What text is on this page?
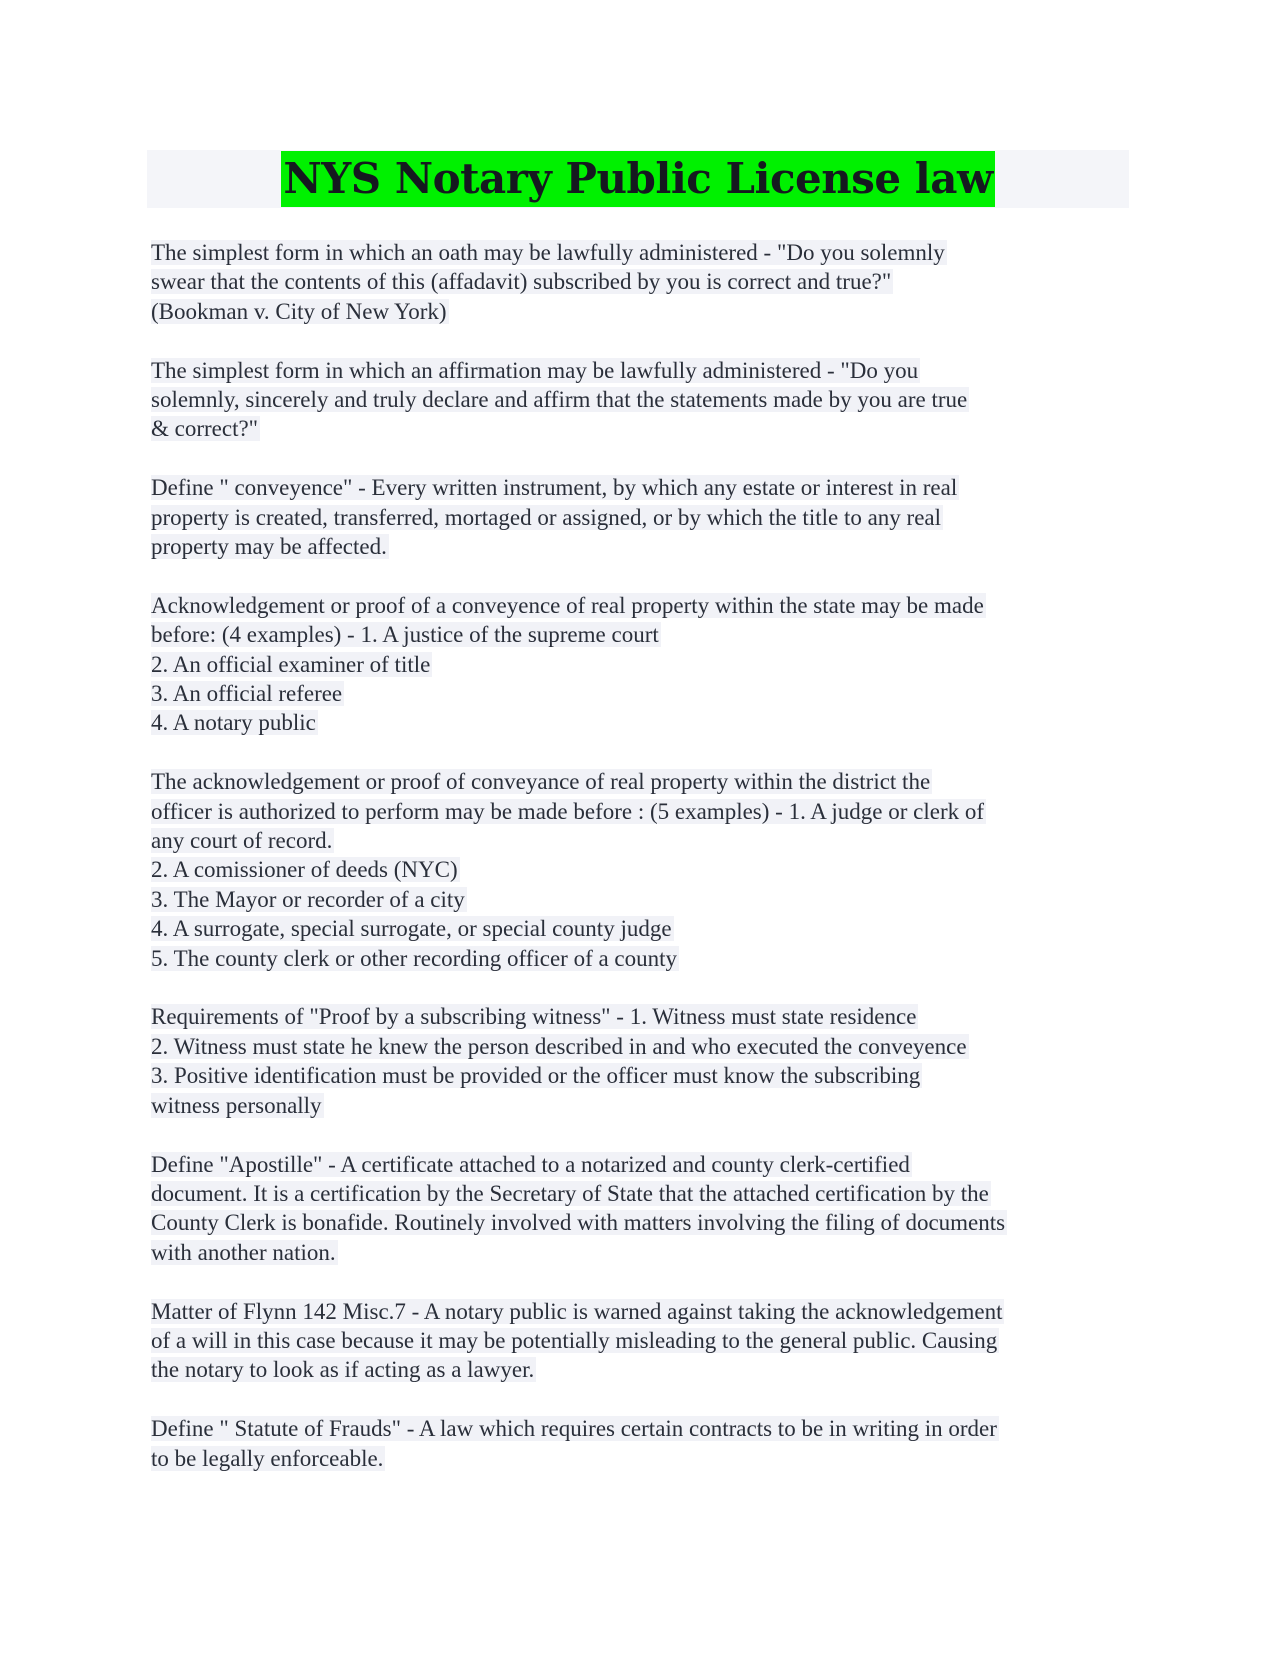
NYS Notary Public License law
The simplest form in which an oath may be lawfully administered - "Do you solemnly
swear that the contents of this (affadavit) subscribed by you is correct and true?"
(Bookman v. City of New York)
The simplest form in which an affirmation may be lawfully administered - "Do you
solemnly, sincerely and truly declare and affirm that the statements made by you are true
& correct?"
Define " conveyence" - Every written instrument, by which any estate or interest in real
property is created, transferred, mortaged or assigned, or by which the title to any real
property may be affected.
Acknowledgement or proof of a conveyence of real property within the state may be made
before: (4 examples) - 1. A justice of the supreme court
2. An official examiner of title
3. An official referee
4. A notary public
The acknowledgement or proof of conveyance of real property within the district the
officer is authorized to perform may be made before : (5 examples) - 1. A judge or clerk of
any court of record.
2. A comissioner of deeds (NYC)
3. The Mayor or recorder of a city
4. A surrogate, special surrogate, or special county judge
5. The county clerk or other recording officer of a county
Requirements of "Proof by a subscribing witness" - 1. Witness must state residence
2. Witness must state he knew the person described in and who executed the conveyence
3. Positive identification must be provided or the officer must know the subscribing
witness personally
Define "Apostille" - A certificate attached to a notarized and county clerk-certified
document. It is a certification by the Secretary of State that the attached certification by the
County Clerk is bonafide. Routinely involved with matters involving the filing of documents
with another nation.
Matter of Flynn 142 Misc.7 - A notary public is warned against taking the acknowledgement
of a will in this case because it may be potentially misleading to the general public. Causing
the notary to look as if acting as a lawyer.
Define " Statute of Frauds" - A law which requires certain contracts to be in writing in order
to be legally enforceable.
